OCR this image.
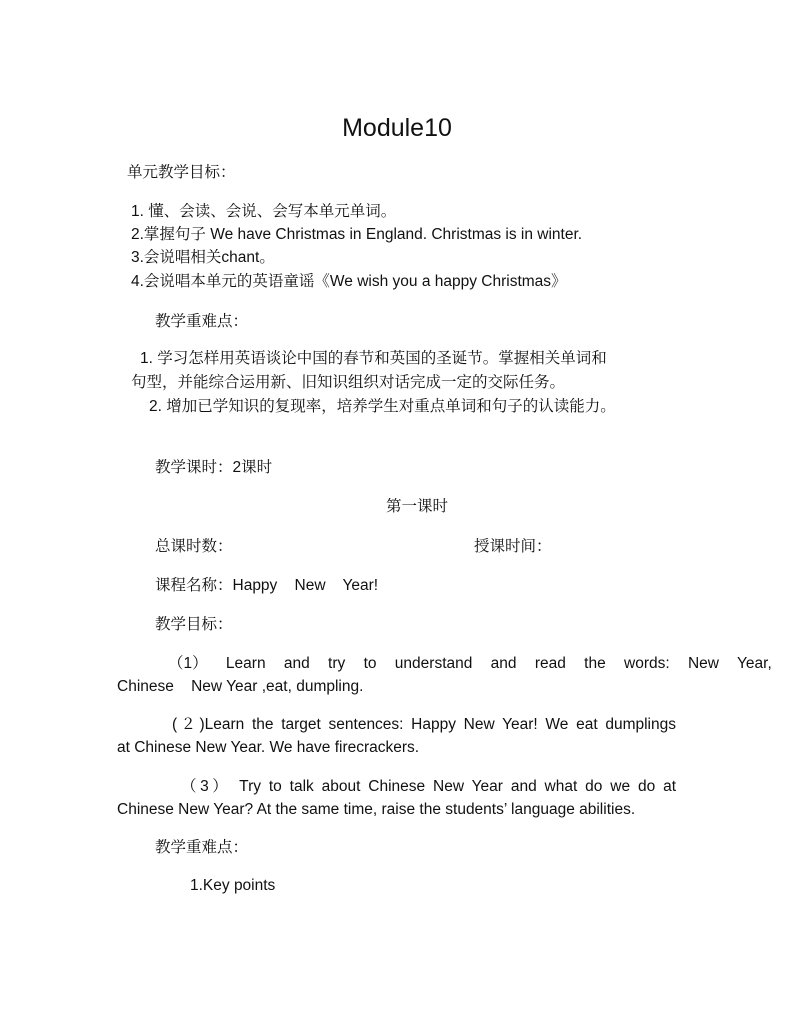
Module10
单元教学目标：
1. 懂、会读、会说、会写本单元单词。
2.掌握句子 We have Christmas in England. Christmas is in winter.
3.会说唱相关chant。
4.会说唱本单元的英语童谣《We wish you a happy Christmas》
教学重难点：
1. 学习怎样用英语谈论中国的春节和英国的圣诞节。掌握相关单词和
句型，并能综合运用新、旧知识组织对话完成一定的交际任务。
2. 增加已学知识的复现率，培养学生对重点单词和句子的认读能力。
教学课时：2课时
第一课时
总课时数：	授课时间：
课程名称：Happy    New    Year!
教学目标：
（1） Learn and try to understand and read the words: New Year,
Chinese    New Year ,eat, dumpling.
(２)Learn the target sentences: Happy New Year! We eat dumplings
at Chinese New Year. We have firecrackers.
（3） Try to talk about Chinese New Year and what do we do at
Chinese New Year? At the same time, raise the students’ language abilities.
教学重难点：
1.Key points
